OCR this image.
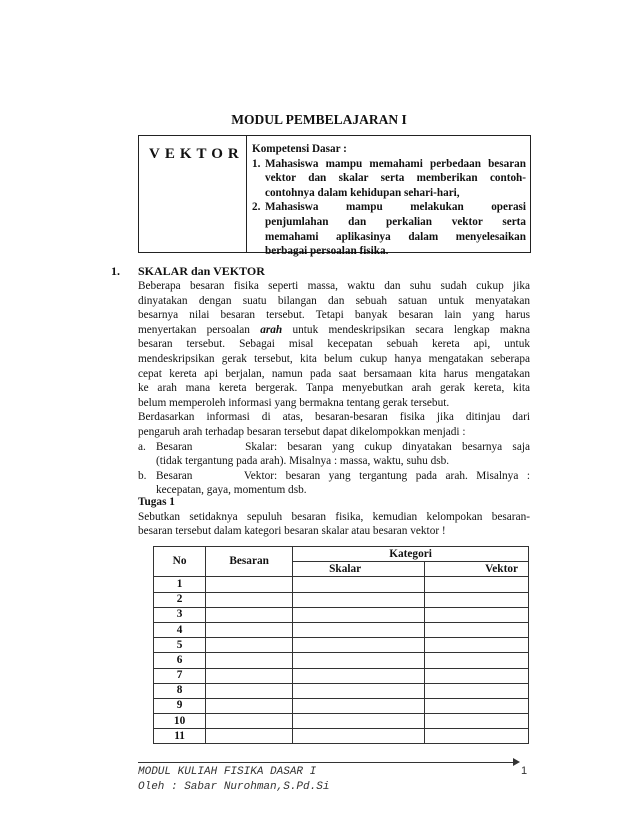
MODUL PEMBELAJARAN I
VEKTOR Kompetensi Dasar :
1. Mahasiswa mampu memahami perbedaan besaran
vektor dan skalar serta memberikan contoh-
contohnya dalam kehidupan sehari-hari,
2. Mahasiswa mampu melakukan operasi
penjumlahan dan perkalian vektor serta
memahami aplikasinya dalam menyelesaikan
berbagai persoalan fisika.
1. SKALAR dan VEKTOR
Beberapa besaran fisika seperti massa, waktu dan suhu sudah cukup jika
dinyatakan dengan suatu bilangan dan sebuah satuan untuk menyatakan
besarnya nilai besaran tersebut. Tetapi banyak besaran lain yang harus
menyertakan persoalan arah untuk mendeskripsikan secara lengkap makna
besaran tersebut. Sebagai misal kecepatan sebuah kereta api, untuk
mendeskripsikan gerak tersebut, kita belum cukup hanya mengatakan seberapa
cepat kereta api berjalan, namun pada saat bersamaan kita harus mengatakan
ke arah mana kereta bergerak. Tanpa menyebutkan arah gerak kereta, kita
belum memperoleh informasi yang bermakna tentang gerak tersebut.
Berdasarkan informasi di atas, besaran-besaran fisika jika ditinjau dari
pengaruh arah terhadap besaran tersebut dapat dikelompokkan menjadi :
a. Besaran Skalar: besaran yang cukup dinyatakan besarnya saja
(tidak tergantung pada arah). Misalnya : massa, waktu, suhu dsb.
b. Besaran Vektor: besaran yang tergantung pada arah. Misalnya :
kecepatan, gaya, momentum dsb.
Tugas 1
Sebutkan setidaknya sepuluh besaran fisika, kemudian kelompokan besaran-
besaran tersebut dalam kategori besaran skalar atau besaran vektor !
No	Besaran	Kategori	
		Skalar	Vektor
1			
2			
3			
4			
5			
6			
7			
8			
9			
10			
11			
MODUL KULIAH FISIKA DASAR I
Oleh : Sabar Nurohman,S.Pd.Si
1
